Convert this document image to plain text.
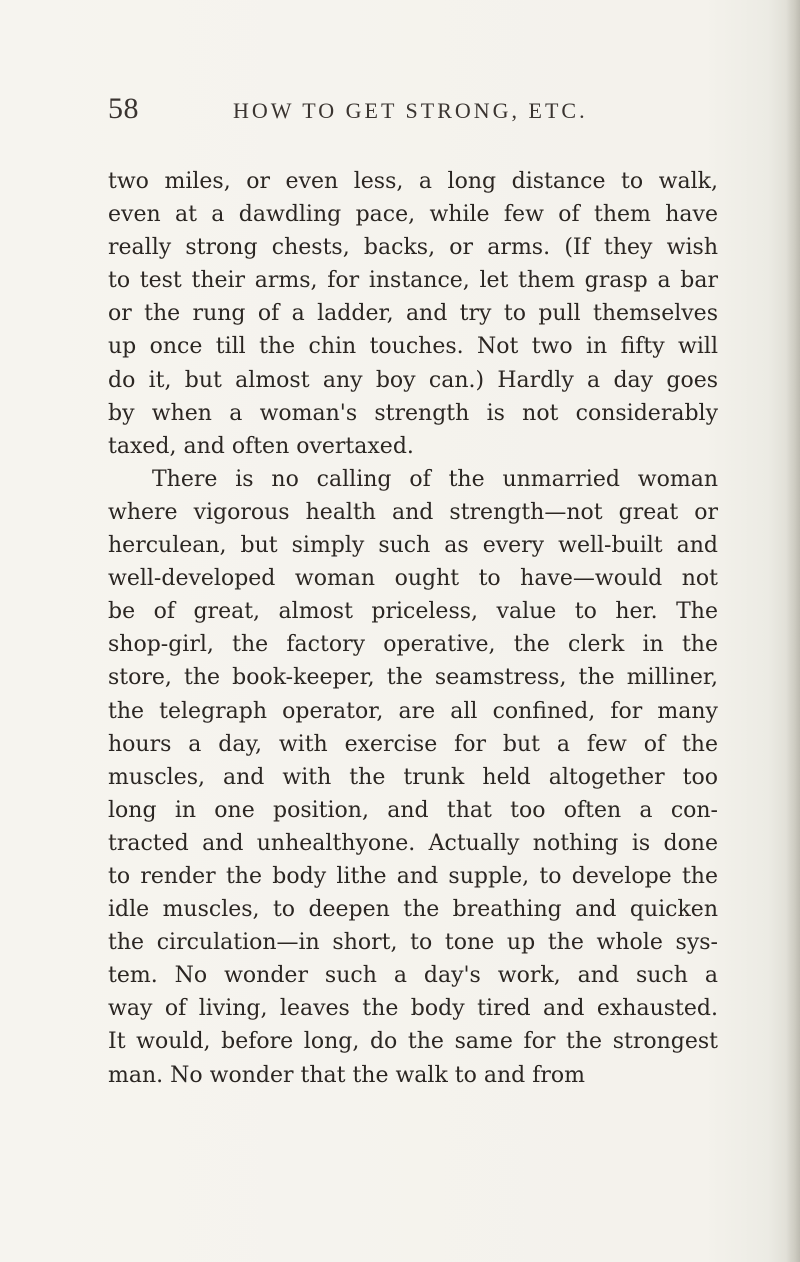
58	HOW TO GET STRONG, ETC.
two miles, or even less, a long distance to walk,
even at a dawdling pace, while few of them have
really strong chests, backs, or arms. (If they wish
to test their arms, for instance, let them grasp a bar
or the rung of a ladder, and try to pull themselves
up once till the chin touches. Not two in fifty will
do it, but almost any boy can.) Hardly a day goes
by when a woman's strength is not considerably
taxed, and often overtaxed.
There is no calling of the unmarried woman
where vigorous health and strength—not great or
herculean, but simply such as every well-built and
well-developed woman ought to have—would not
be of great, almost priceless, value to her. The
shop-girl, the factory operative, the clerk in the
store, the book-keeper, the seamstress, the milliner,
the telegraph operator, are all confined, for many
hours a day, with exercise for but a few of the
muscles, and with the trunk held altogether too
long in one position, and that too often a con-
tracted and unhealthyone. Actually nothing is done
to render the body lithe and supple, to develope the
idle muscles, to deepen the breathing and quicken
the circulation—in short, to tone up the whole sys-
tem. No wonder such a day's work, and such a
way of living, leaves the body tired and exhausted.
It would, before long, do the same for the strongest
man. No wonder that the walk to and from
